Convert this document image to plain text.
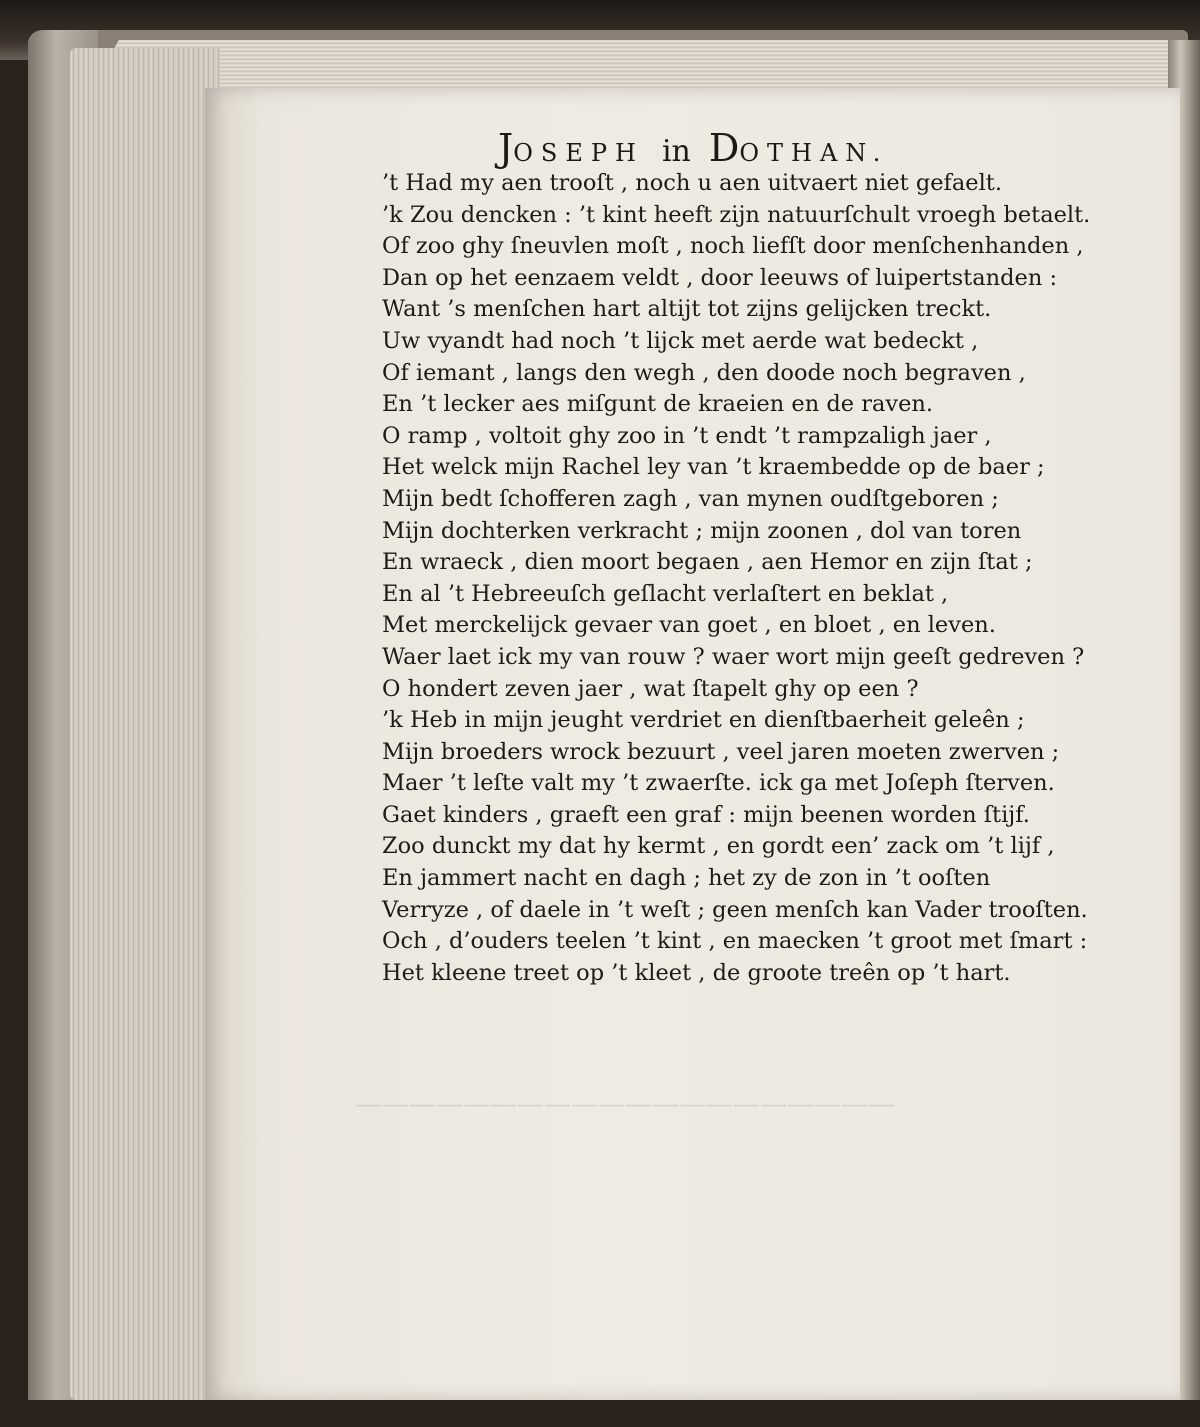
————————————————————
JOSEPH in DOTHAN.
’t Had my aen trooſt , noch u aen uitvaert niet gefaelt.
’k Zou dencken : ’t kint heeft zijn natuurſchult vroegh betaelt.
Of zoo ghy ſneuvlen moſt , noch liefſt door menſchenhanden ,
Dan op het eenzaem veldt , door leeuws of luipertstanden :
Want ’s menſchen hart altijt tot zijns gelijcken treckt.
Uw vyandt had noch ’t lijck met aerde wat bedeckt ,
Of iemant , langs den wegh , den doode noch begraven ,
En ’t lecker aes miſgunt de kraeien en de raven.
O ramp , voltoit ghy zoo in ’t endt ’t rampzaligh jaer ,
Het welck mijn Rachel ley van ’t kraembedde op de baer ;
Mijn bedt ſchofferen zagh , van mynen oudſtgeboren ;
Mijn dochterken verkracht ; mijn zoonen , dol van toren
En wraeck , dien moort begaen , aen Hemor en zijn ſtat ;
En al ’t Hebreeuſch geſlacht verlaſtert en beklat ,
Met merckelijck gevaer van goet , en bloet , en leven.
Waer laet ick my van rouw ? waer wort mijn geeſt gedreven ?
O hondert zeven jaer , wat ſtapelt ghy op een ?
’k Heb in mijn jeught verdriet en dienſtbaerheit geleên ;
Mijn broeders wrock bezuurt , veel jaren moeten zwerven ;
Maer ’t leſte valt my ’t zwaerſte. ick ga met Joſeph ſterven.
Gaet kinders , graeft een graf : mijn beenen worden ſtijf.
Zoo dunckt my dat hy kermt , en gordt een’ zack om ’t lijf ,
En jammert nacht en dagh ; het zy de zon in ’t ooſten
Verryze , of daele in ’t weſt ; geen menſch kan Vader trooſten.
Och , d’ouders teelen ’t kint , en maecken ’t groot met ſmart :
Het kleene treet op ’t kleet , de groote treên op ’t hart.
